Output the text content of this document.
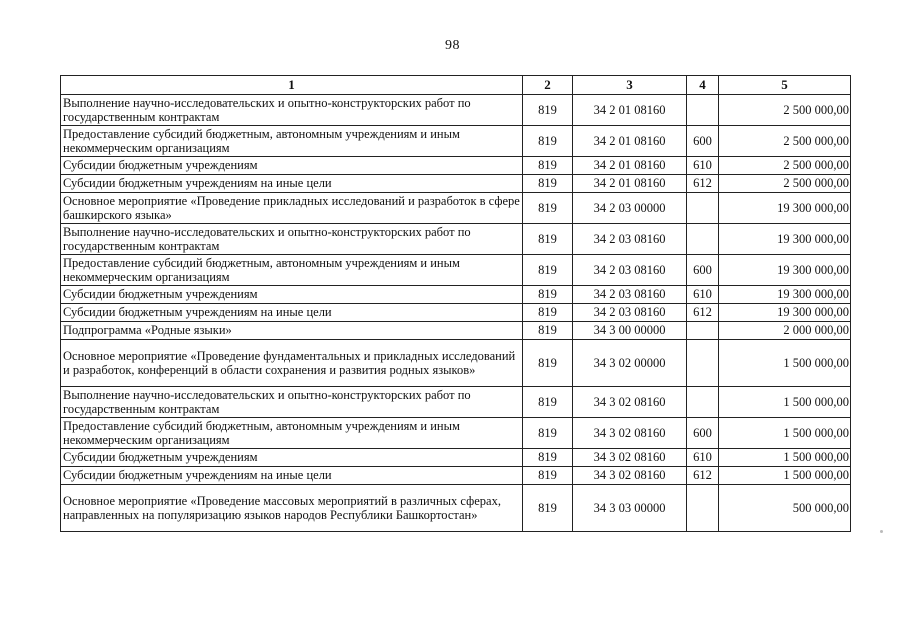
98
1	2	3	4	5
Выполнение научно-исследовательских и опытно-конструкторских работ по государственным контрактам	819	34 2 01 08160		2 500 000,00
Предоставление субсидий бюджетным, автономным учреждениям и иным некоммерческим организациям	819	34 2 01 08160	600	2 500 000,00
Субсидии бюджетным учреждениям	819	34 2 01 08160	610	2 500 000,00
Субсидии бюджетным учреждениям на иные цели	819	34 2 01 08160	612	2 500 000,00
Основное мероприятие «Проведение прикладных исследований и разработок в сфере башкирского языка»	819	34 2 03 00000		19 300 000,00
Выполнение научно-исследовательских и опытно-конструкторских работ по государственным контрактам	819	34 2 03 08160		19 300 000,00
Предоставление субсидий бюджетным, автономным учреждениям и иным некоммерческим организациям	819	34 2 03 08160	600	19 300 000,00
Субсидии бюджетным учреждениям	819	34 2 03 08160	610	19 300 000,00
Субсидии бюджетным учреждениям на иные цели	819	34 2 03 08160	612	19 300 000,00
Подпрограмма «Родные языки»	819	34 3 00 00000		2 000 000,00
Основное мероприятие «Проведение фундаментальных и прикладных исследований и разработок, конференций в области сохранения и развития родных языков»	819	34 3 02 00000		1 500 000,00
Выполнение научно-исследовательских и опытно-конструкторских работ по государственным контрактам	819	34 3 02 08160		1 500 000,00
Предоставление субсидий бюджетным, автономным учреждениям и иным некоммерческим организациям	819	34 3 02 08160	600	1 500 000,00
Субсидии бюджетным учреждениям	819	34 3 02 08160	610	1 500 000,00
Субсидии бюджетным учреждениям на иные цели	819	34 3 02 08160	612	1 500 000,00
Основное мероприятие «Проведение массовых мероприятий в различных сферах, направленных на популяризацию языков народов Республики Башкортостан»	819	34 3 03 00000		500 000,00
